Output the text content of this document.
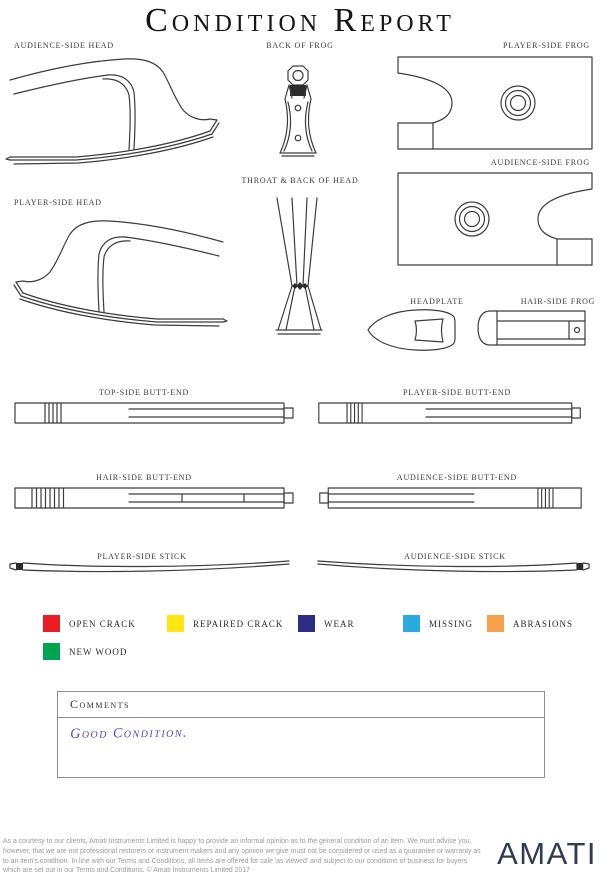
Condition Report
AUDIENCE-SIDE HEAD	BACK OF FROG	PLAYER-SIDE FROG
AUDIENCE-SIDE FROG
PLAYER-SIDE HEAD
THROAT & BACK OF HEAD
HEADPLATE	HAIR-SIDE FROG
TOP-SIDE BUTT-END	PLAYER-SIDE BUTT-END
HAIR-SIDE BUTT-END	AUDIENCE-SIDE BUTT-END
PLAYER-SIDE STICK	AUDIENCE-SIDE STICK
OPEN CRACK	REPAIRED CRACK	WEAR	MISSING	ABRASIONS
NEW WOOD
Comments
Good Condition.
As a courtesy to our clients, Amati Instruments Limited is happy to provide an informal opinion as to the general condition of an item. We must advise you, however, that we are not professional restorers or instrument makers and any opinion we give must not be considered or used as a guarantee or warranty as to an item's condition. In line with our Terms and Conditions, all items are offered for sale 'as viewed' and subject to our conditions of business for buyers which are set out in our Terms and Conditions. © Amati Instruments Limited 2017	AMATI
